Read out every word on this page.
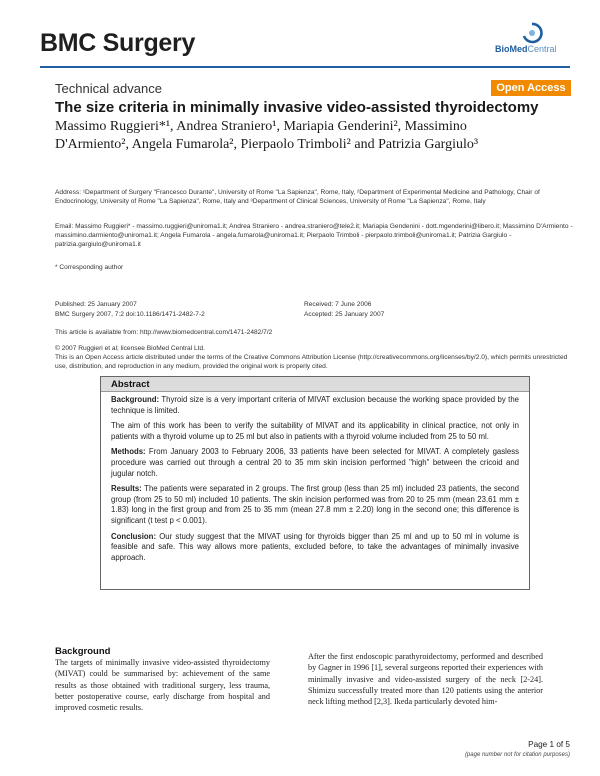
BMC Surgery	BioMedCentral
Technical advance	Open Access
The size criteria in minimally invasive video-assisted thyroidectomy
Massimo Ruggieri*¹, Andrea Straniero¹, Mariapia Genderini², Massimino D'Armiento², Angela Fumarola², Pierpaolo Trimboli² and Patrizia Gargiulo³
Address: ¹Department of Surgery "Francesco Durante", University of Rome "La Sapienza", Rome, Italy, ²Department of Experimental Medicine and Pathology, Chair of Endocrinology, University of Rome "La Sapienza", Rome, Italy and ³Department of Clinical Sciences, University of Rome "La Sapienza", Rome, Italy
Email: Massimo Ruggieri* - massimo.ruggieri@uniroma1.it; Andrea Straniero - andrea.straniero@tele2.it; Mariapia Gendenini - dott.mgenderini@libero.it; Massimino D'Armiento - massimino.darmiento@uniroma1.it; Angela Fumarola - angela.fumarola@uniroma1.it; Pierpaolo Trimboli - pierpaolo.trimboli@uniroma1.it; Patrizia Gargiulo - patrizia.gargiulo@uniroma1.it
* Corresponding author
Published: 25 January 2007
BMC Surgery 2007, 7:2 doi:10.1186/1471-2482-7-2
Received: 7 June 2006
Accepted: 25 January 2007
This article is available from: http://www.biomedcentral.com/1471-2482/7/2
© 2007 Ruggieri et al; licensee BioMed Central Ltd.
This is an Open Access article distributed under the terms of the Creative Commons Attribution License (http://creativecommons.org/licenses/by/2.0), which permits unrestricted use, distribution, and reproduction in any medium, provided the original work is properly cited.
Abstract

Background: Thyroid size is a very important criteria of MIVAT exclusion because the working space provided by the technique is limited.

The aim of this work has been to verify the suitability of MIVAT and its applicability in clinical practice, not only in patients with a thyroid volume up to 25 ml but also in patients with a thyroid volume included from 25 to 50 ml.

Methods: From January 2003 to February 2006, 33 patients have been selected for MIVAT. A completely gasless procedure was carried out through a central 20 to 35 mm skin incision performed "high" between the cricoid and jugular notch.

Results: The patients were separated in 2 groups. The first group (less than 25 ml) included 23 patients, the second group (from 25 to 50 ml) included 10 patients. The skin incision performed was from 20 to 25 mm (mean 23.61 mm ± 1.83) long in the first group and from 25 to 35 mm (mean 27.8 mm ± 2.20) long in the second one; this difference is significant (t test p < 0.001).

Conclusion: Our study suggest that the MIVAT using for thyroids bigger than 25 ml and up to 50 ml in volume is feasible and safe. This way allows more patients, excluded before, to take the advantages of minimally invasive approach.

Background
The targets of minimally invasive video-assisted thyroidectomy (MIVAT) could be summarised by: achievement of the same results as those obtained with traditional surgery, less trauma, better postoperative course, early discharge from hospital and improved cosmetic results.
After the first endoscopic parathyroidectomy, performed and described by Gagner in 1996 [1], several surgeons reported their experiences with minimally invasive and video-assisted surgery of the neck [2-24]. Shimizu successfully treated more than 120 patients using the anterior neck lifting method [2,3]. Ikeda particularly devoted him-
Page 1 of 5
(page number not for citation purposes)
